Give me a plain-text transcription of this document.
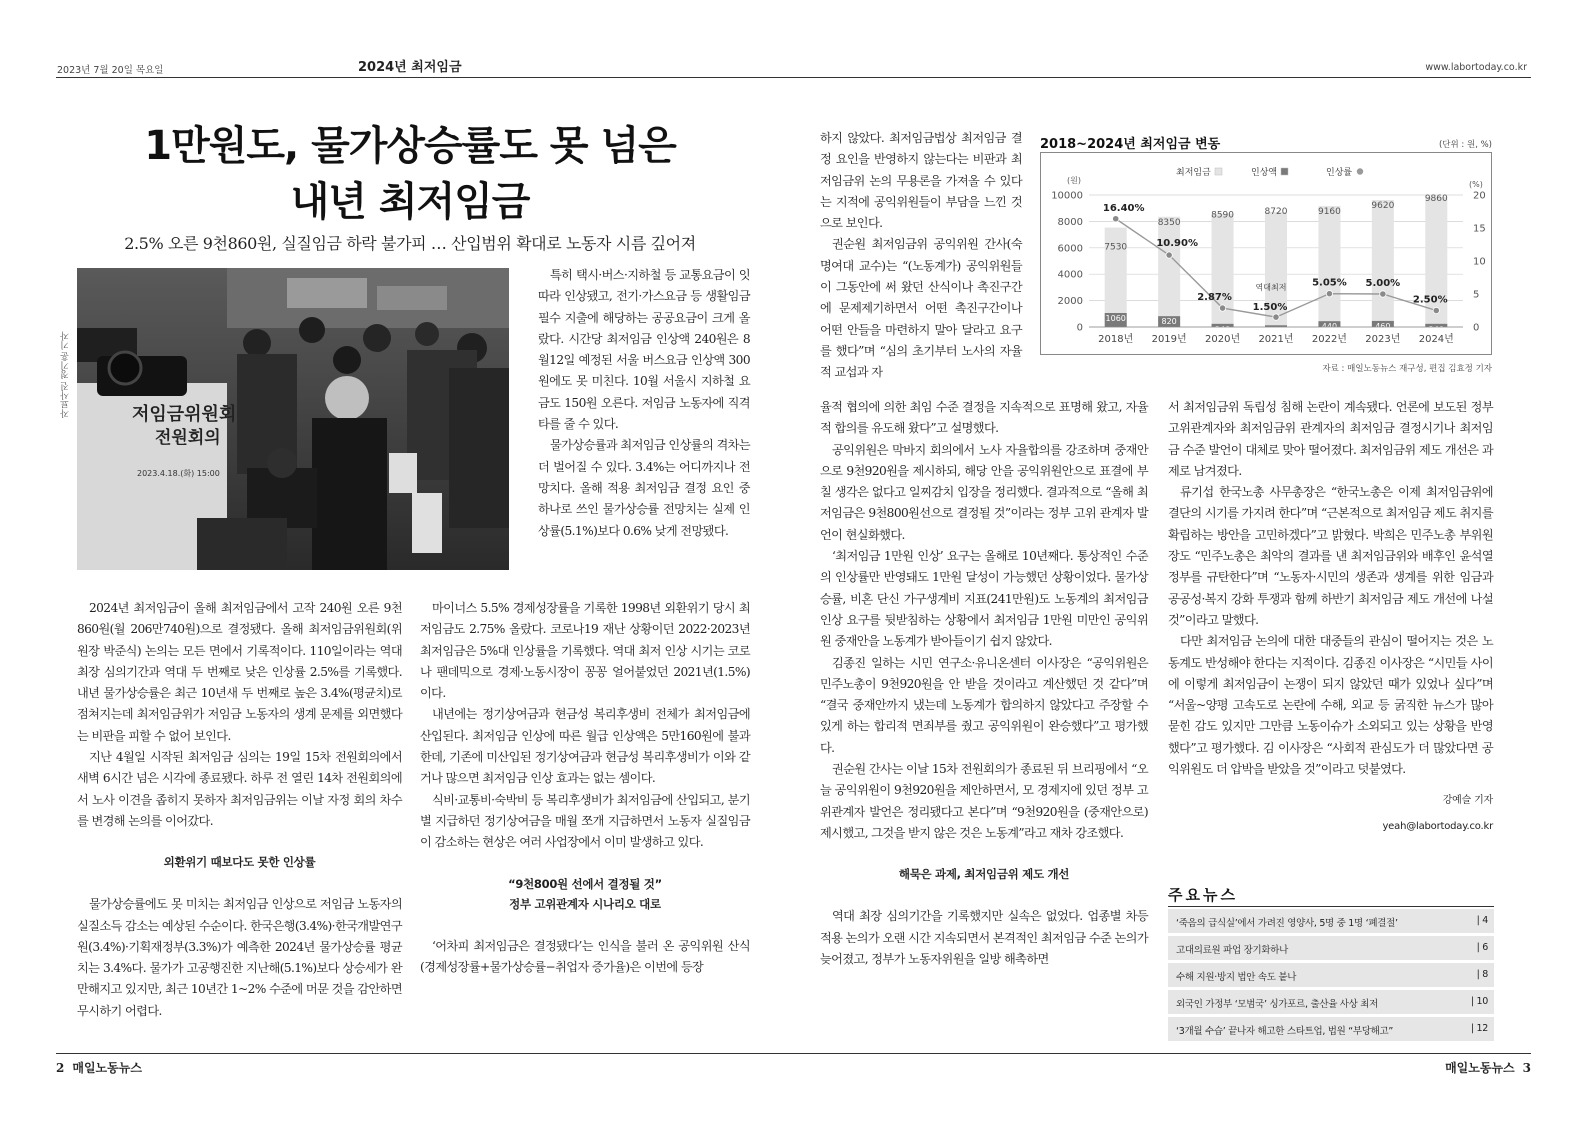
2023년 7월 20일 목요일	2024년 최저임금	www.labortoday.co.kr
1만원도, 물가상승률도 못 넘은
내년 최저임금
2.5% 오른 9천860원, 실질임금 하락 불가피 … 산입범위 확대로 노동자 시름 깊어져
자료사진 정기훈 기자	저임금위원회
전원회의
2023.4.18.(화) 15:00

2024년 최저임금이 올해 최저임금에서 고작 240원 오른 9천860원(월 206만740원)으로 결정됐다. 올해 최저임금위원회(위원장 박준식) 논의는 모든 면에서 기록적이다. 110일이라는 역대 최장 심의기간과 역대 두 번째로 낮은 인상률 2.5%를 기록했다. 내년 물가상승률은 최근 10년새 두 번째로 높은 3.4%(평균치)로 점쳐지는데 최저임금위가 저임금 노동자의 생계 문제를 외면했다는 비판을 피할 수 없어 보인다.

지난 4월일 시작된 최저임금 심의는 19일 15차 전원회의에서 새벽 6시간 넘은 시각에 종료됐다. 하루 전 열린 14차 전원회의에서 노사 이견을 좁히지 못하자 최저임금위는 이날 자정 회의 차수를 변경해 논의를 이어갔다.

외환위기 때보다도 못한 인상률

물가상승률에도 못 미치는 최저임금 인상으로 저임금 노동자의 실질소득 감소는 예상된 수순이다. 한국은행(3.4%)·한국개발연구원(3.4%)·기획재정부(3.3%)가 예측한 2024년 물가상승률 평균치는 3.4%다. 물가가 고공행진한 지난해(5.1%)보다 상승세가 완만해지고 있지만, 최근 10년간 1~2% 수준에 머문 것을 감안하면 무시하기 어렵다.

특히 택시·버스·지하철 등 교통요금이 잇따라 인상됐고, 전기·가스요금 등 생활임금 필수 지출에 해당하는 공공요금이 크게 올랐다. 시간당 최저임금 인상액 240원은 8월12일 예정된 서울 버스요금 인상액 300원에도 못 미친다. 10월 서울시 지하철 요금도 150원 오른다. 저임금 노동자에 직격타를 줄 수 있다.

물가상승률과 최저임금 인상률의 격차는 더 벌어질 수 있다. 3.4%는 어디까지나 전망치다. 올해 적용 최저임금 결정 요인 중 하나로 쓰인 물가상승률 전망치는 실제 인상률(5.1%)보다 0.6% 낮게 전망됐다.

마이너스 5.5% 경제성장률을 기록한 1998년 외환위기 당시 최저임금도 2.75% 올랐다. 코로나19 재난 상황이던 2022·2023년 최저임금은 5%대 인상률을 기록했다. 역대 최저 인상 시기는 코로나 팬데믹으로 경제·노동시장이 꽁꽁 얼어붙었던 2021년(1.5%)이다.

내년에는 정기상여금과 현금성 복리후생비 전체가 최저임금에 산입된다. 최저임금 인상에 따른 월급 인상액은 5만160원에 불과한데, 기존에 미산입된 정기상여금과 현금성 복리후생비가 이와 같거나 많으면 최저임금 인상 효과는 없는 셈이다.

식비·교통비·숙박비 등 복리후생비가 최저임금에 산입되고, 분기별 지급하던 정기상여금을 매월 쪼개 지급하면서 노동자 실질임금이 감소하는 현상은 여러 사업장에서 이미 발생하고 있다.

“9천800원 선에서 결정될 것”
정부 고위관계자 시나리오 대로

‘어차피 최저임금은 결정됐다’는 인식을 불러 온 공익위원 산식(경제성장률+물가상승률−취업자 증가율)은 이번에 등장

하지 않았다. 최저임금법상 최저임금 결정 요인을 반영하지 않는다는 비판과 최저임금위 논의 무용론을 가져올 수 있다는 지적에 공익위원들이 부담을 느낀 것으로 보인다.

권순원 최저임금위 공익위원 간사(숙명여대 교수)는 “(노동계가) 공익위원들이 그동안에 써 왔던 산식이나 촉진구간에 문제제기하면서 어떤 촉진구간이나 어떤 안들을 마련하지 말아 달라고 요구를 했다”며 “심의 초기부터 노사의 자율적 교섭과 자

2018~2024년 최저임금 변동	(단위 : 원, %)
0
2000
4000
6000
8000
10000
0
5
10
15
20
(원)	(%)
최저임금	인상액	인상률
7530
8350
8590	8720	9160
9620
9860
1060	820
240	130	440	460	240
16.40%
10.90%
2.87%
1.50%
5.05% 5.00%
2.50%
역대최저
2018년 2019년 2020년 2021년 2022년 2023년 2024년
자료 : 매일노동뉴스 재구성, 편집 김효정 기자

율적 협의에 의한 최임 수준 결정을 지속적으로 표명해 왔고, 자율적 합의를 유도해 왔다”고 설명했다.

공익위원은 막바지 회의에서 노사 자율합의를 강조하며 중재안으로 9천920원을 제시하되, 해당 안을 공익위원안으로 표결에 부칠 생각은 없다고 일찌감치 입장을 정리했다. 결과적으로 “올해 최저임금은 9천800원선으로 결정될 것”이라는 정부 고위 관계자 발언이 현실화했다.

‘최저임금 1만원 인상’ 요구는 올해로 10년째다. 통상적인 수준의 인상률만 반영돼도 1만원 달성이 가능했던 상황이었다. 물가상승률, 비혼 단신 가구생계비 지표(241만원)도 노동계의 최저임금 인상 요구를 뒷받침하는 상황에서 최저임금 1만원 미만인 공익위원 중재안을 노동계가 받아들이기 쉽지 않았다.

김종진 일하는 시민 연구소·유니온센터 이사장은 “공익위원은 민주노총이 9천920원을 안 받을 것이라고 계산했던 것 같다”며 “결국 중재안까지 냈는데 노동계가 합의하지 않았다고 주장할 수 있게 하는 합리적 면죄부를 줬고 공익위원이 완승했다”고 평가했다.

권순원 간사는 이날 15차 전원회의가 종료된 뒤 브리핑에서 “오늘 공익위원이 9천920원을 제안하면서, 모 경제지에 있던 정부 고위관계자 발언은 정리됐다고 본다”며 “9천920원을 (중재안으로) 제시했고, 그것을 받지 않은 것은 노동계”라고 재차 강조했다.

해묵은 과제, 최저임금위 제도 개선

역대 최장 심의기간을 기록했지만 실속은 없었다. 업종별 차등적용 논의가 오랜 시간 지속되면서 본격적인 최저임금 수준 논의가 늦어졌고, 정부가 노동자위원을 일방 해촉하면

서 최저임금위 독립성 침해 논란이 계속됐다. 언론에 보도된 정부 고위관계자와 최저임금위 관계자의 최저임금 결정시기나 최저임금 수준 발언이 대체로 맞아 떨어졌다. 최저임금위 제도 개선은 과제로 남겨졌다.

류기섭 한국노총 사무총장은 “한국노총은 이제 최저임금위에 결단의 시기를 가지려 한다”며 “근본적으로 최저임금 제도 취지를 확립하는 방안을 고민하겠다”고 밝혔다. 박희은 민주노총 부위원장도 “민주노총은 최악의 결과를 낸 최저임금위와 배후인 윤석열 정부를 규탄한다”며 “노동자·시민의 생존과 생계를 위한 임금과 공공성·복지 강화 투쟁과 함께 하반기 최저임금 제도 개선에 나설 것”이라고 말했다.

다만 최저임금 논의에 대한 대중들의 관심이 떨어지는 것은 노동계도 반성해야 한다는 지적이다. 김종진 이사장은 “시민들 사이에 이렇게 최저임금이 논쟁이 되지 않았던 때가 있었나 싶다”며 “서울~양평 고속도로 논란에 수해, 외교 등 굵직한 뉴스가 많아 묻힌 감도 있지만 그만큼 노동이슈가 소외되고 있는 상황을 반영했다”고 평가했다. 김 이사장은 “사회적 관심도가 더 많았다면 공익위원도 더 압박을 받았을 것”이라고 덧붙였다.

강예슬 기자
yeah@labortoday.co.kr
주요뉴스
‘죽음의 급식실’에서 가려진 영양사, 5명 중 1명 ‘폐결절’	| 4
고대의료원 파업 장기화하나	| 6
수해 지원·방지 법안 속도 붙나	| 8
외국인 가정부 ‘모범국’ 싱가포르, 출산율 사상 최저	| 10
‘3개월 수습’ 끝나자 해고한 스타트업, 법원 “부당해고”	| 12
2 매일노동뉴스	매일노동뉴스 3
